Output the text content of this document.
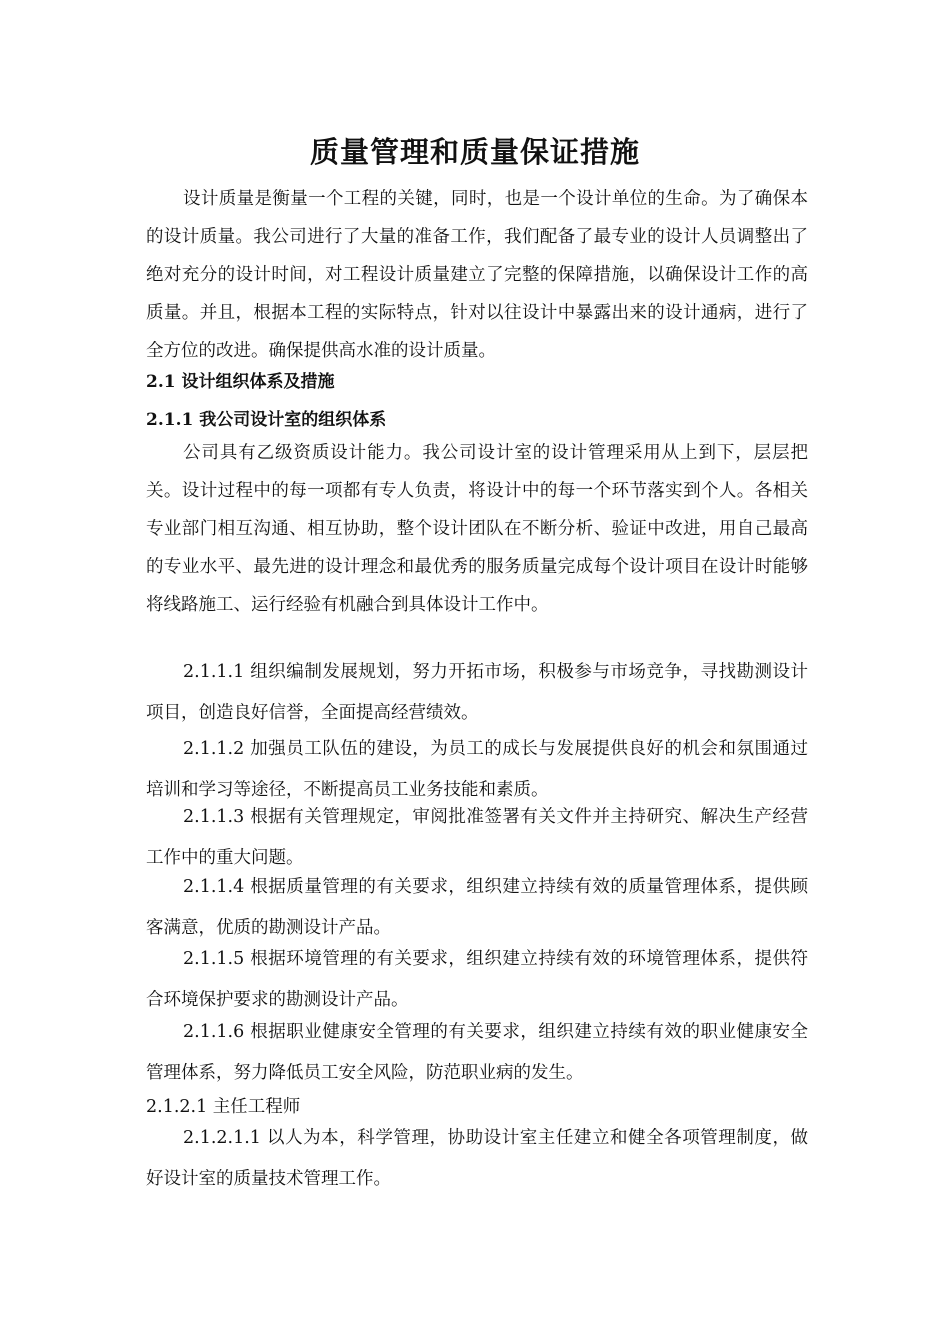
质量管理和质量保证措施

设计质量是衡量一个工程的关键，同时，也是一个设计单位的生命。为了确保本的设计质量。我公司进行了大量的准备工作，我们配备了最专业的设计人员调整出了绝对充分的设计时间，对工程设计质量建立了完整的保障措施，以确保设计工作的高质量。并且，根据本工程的实际特点，针对以往设计中暴露出来的设计通病，进行了全方位的改进。确保提供高水准的设计质量。

2.1 设计组织体系及措施
2.1.1 我公司设计室的组织体系

公司具有乙级资质设计能力。我公司设计室的设计管理采用从上到下，层层把关。设计过程中的每一项都有专人负责，将设计中的每一个环节落实到个人。各相关专业部门相互沟通、相互协助，整个设计团队在不断分析、验证中改进，用自己最高的专业水平、最先进的设计理念和最优秀的服务质量完成每个设计项目在设计时能够将线路施工、运行经验有机融合到具体设计工作中。

2.1.1.1 组织编制发展规划，努力开拓市场，积极参与市场竞争，寻找勘测设计项目，创造良好信誉，全面提高经营绩效。

2.1.1.2 加强员工队伍的建设，为员工的成长与发展提供良好的机会和氛围通过培训和学习等途径，不断提高员工业务技能和素质。

2.1.1.3 根据有关管理规定，审阅批准签署有关文件并主持研究、解决生产经营工作中的重大问题。

2.1.1.4 根据质量管理的有关要求，组织建立持续有效的质量管理体系，提供顾客满意，优质的勘测设计产品。

2.1.1.5 根据环境管理的有关要求，组织建立持续有效的环境管理体系，提供符合环境保护要求的勘测设计产品。

2.1.1.6 根据职业健康安全管理的有关要求，组织建立持续有效的职业健康安全管理体系，努力降低员工安全风险，防范职业病的发生。

2.1.2.1 主任工程师

2.1.2.1.1 以人为本，科学管理，协助设计室主任建立和健全各项管理制度，做好设计室的质量技术管理工作。
